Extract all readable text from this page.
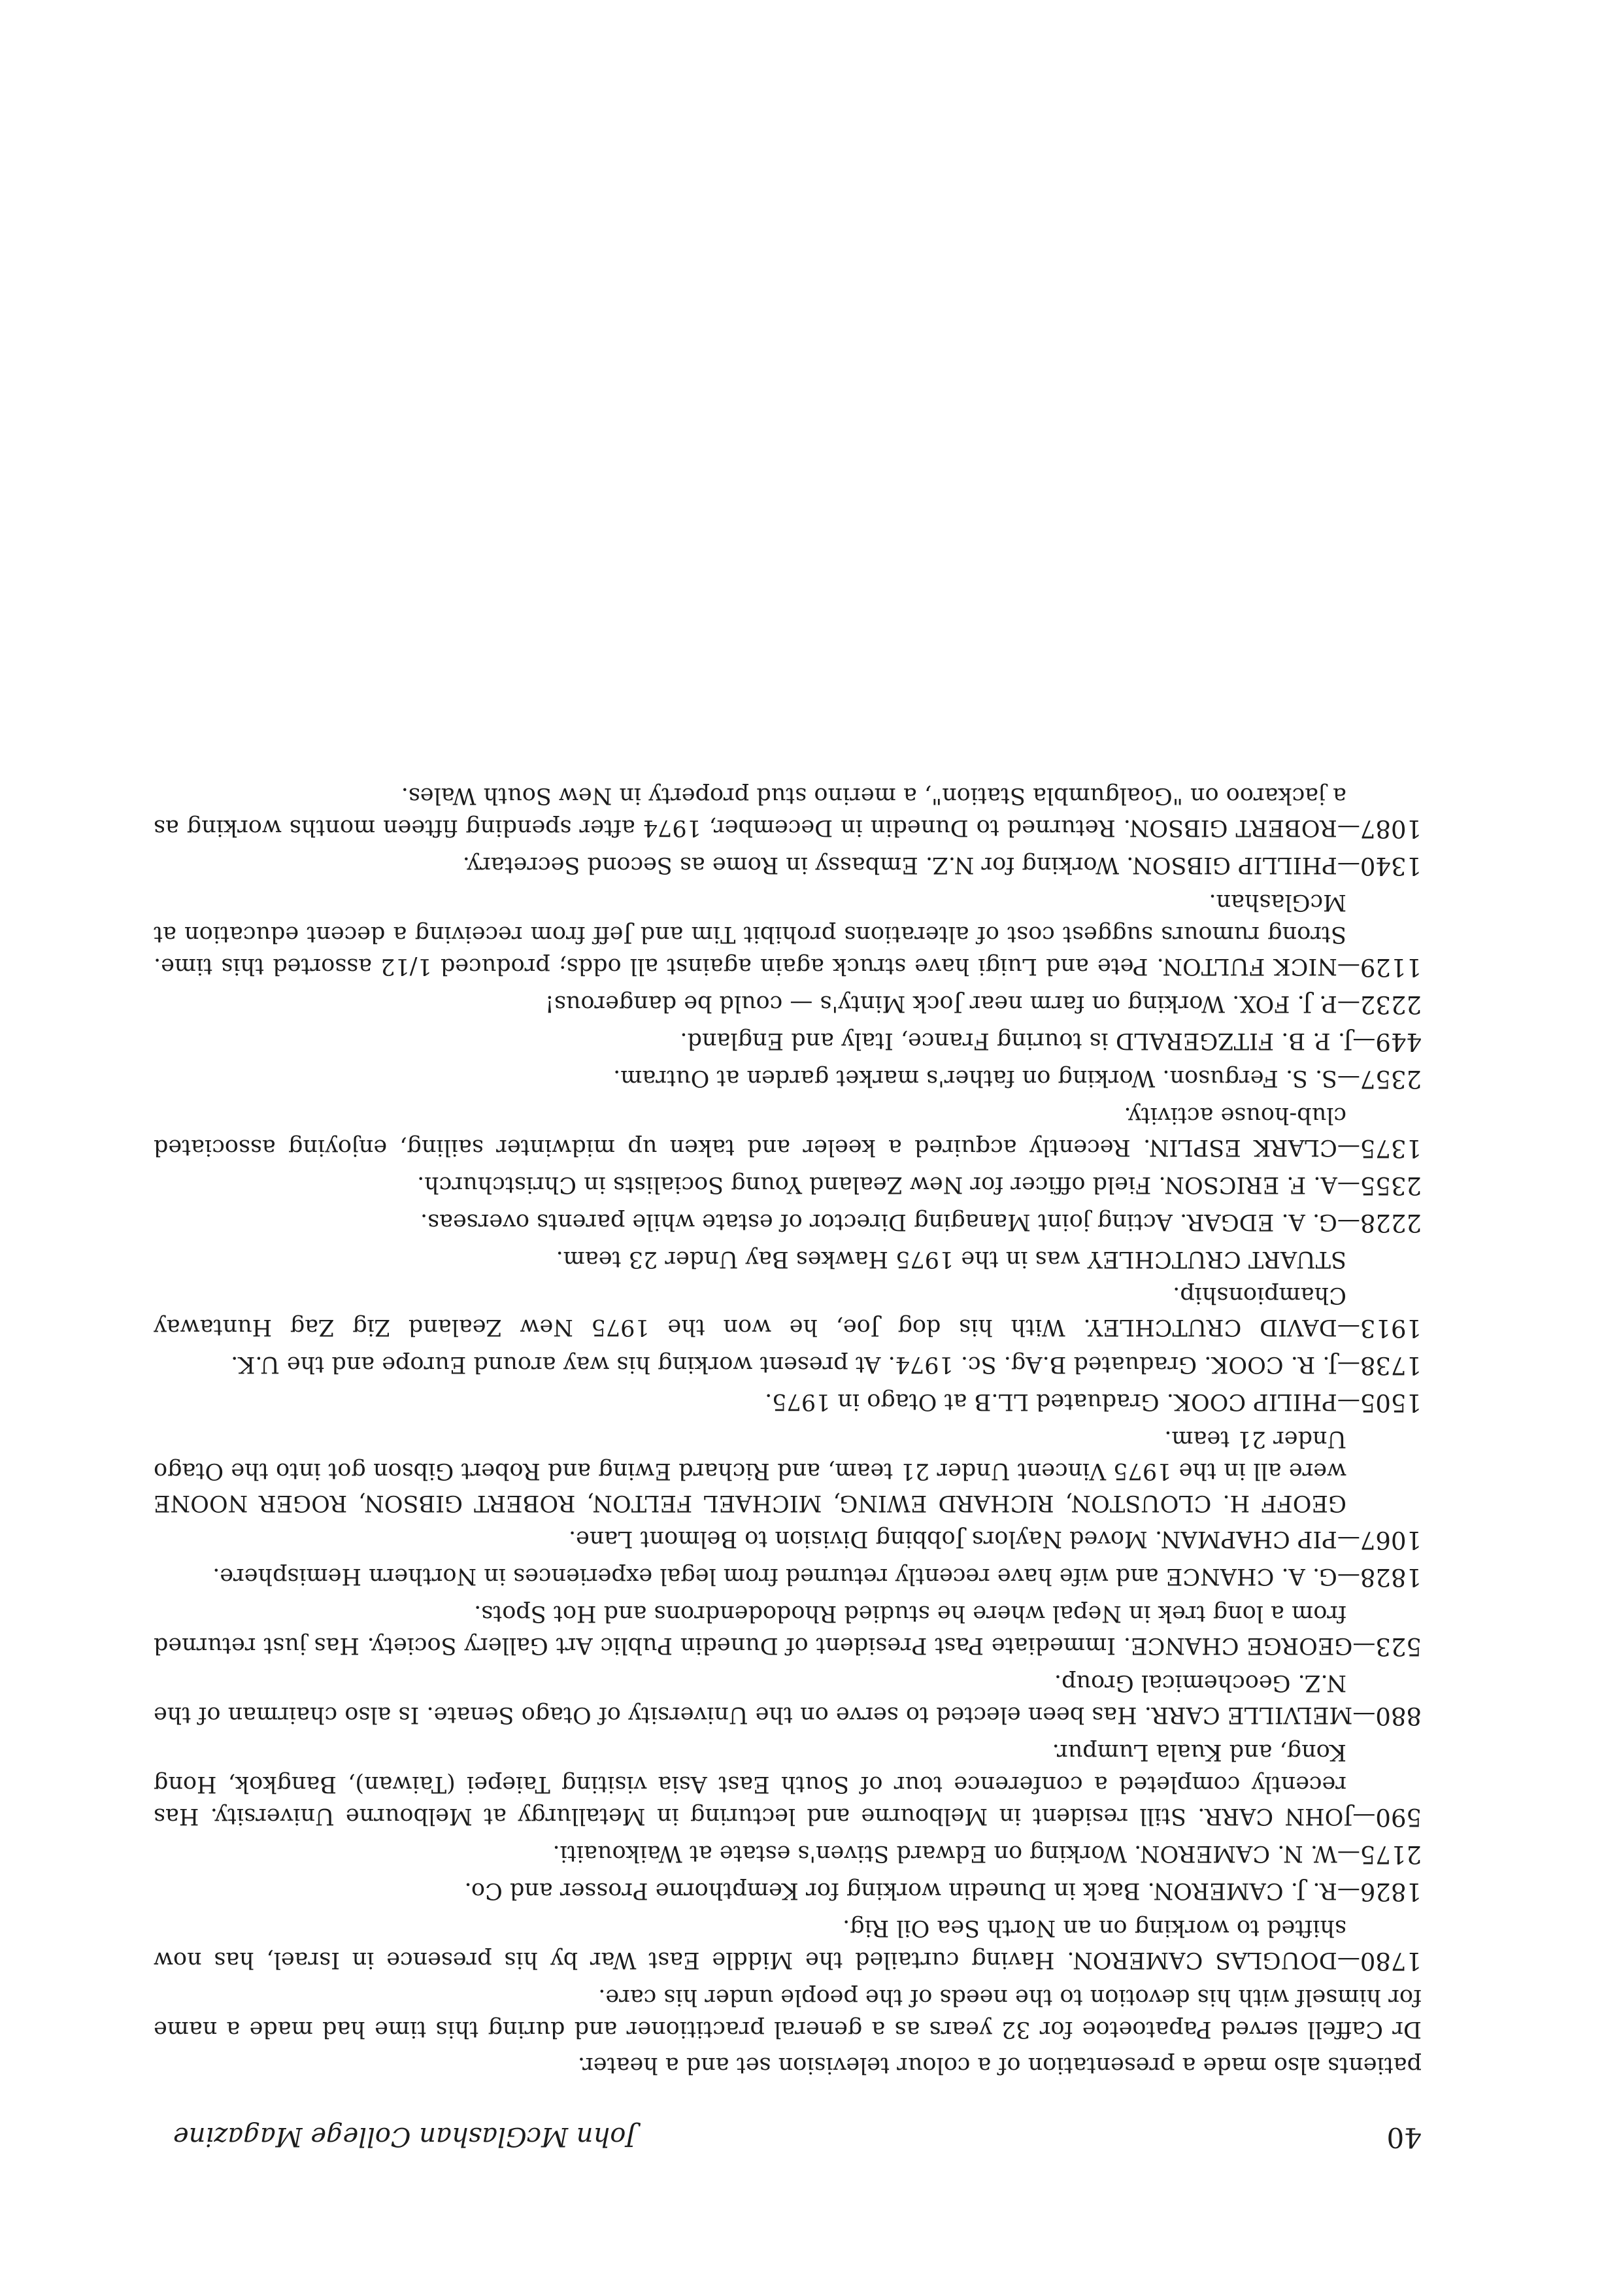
40
John McGlashan College Magazine

patients also made a presentation of a colour television set and a heater.

Dr Caffell served Papatoetoe for 32 years as a general practitioner and during this time had made a name for himself with his devotion to the needs of the people under his care.

1780—DOUGLAS CAMERON. Having curtailed the Middle East War by his presence in Israel, has now shifted to working on an North Sea Oil Rig.

1826—R. J. CAMERON. Back in Dunedin working for Kempthorne Prosser and Co.

2175—W. N. CAMERON. Working on Edward Stiven's estate at Waikouaiti.

590—JOHN CARR. Still resident in Melbourne and lecturing in Metallurgy at Melbourne University. Has recently completed a conference tour of South East Asia visiting Taiepei (Taiwan), Bangkok, Hong Kong, and Kuala Lumpur.

880—MELVILLE CARR. Has been elected to serve on the University of Otago Senate. Is also chairman of the N.Z. Geochemical Group.

523—GEORGE CHANCE. Immediate Past President of Dunedin Public Art Gallery Society. Has just returned from a long trek in Nepal where he studied Rhododendrons and Hot Spots.

1828—G. A. CHANCE and wife have recently returned from legal experiences in Northern Hemisphere.

1067—PIP CHAPMAN. Moved Naylors Jobbing Division to Belmont Lane.

GEOFF H. CLOUSTON, RICHARD EWING, MICHAEL FELTON, ROBERT GIBSON, ROGER NOONE were all in the 1975 Vincent Under 21 team, and Richard Ewing and Robert Gibson got into the Otago Under 21 team.

1505—PHILIP COOK. Graduated LL.B at Otago in 1975.

1738—J. R. COOK. Graduated B.Ag. Sc. 1974. At present working his way around Europe and the U.K.

1913—DAVID CRUTCHLEY. With his dog Joe, he won the 1975 New Zealand Zig Zag Huntaway Championship.

STUART CRUTCHLEY was in the 1975 Hawkes Bay Under 23 team.

2228—G. A. EDGAR. Acting joint Managing Director of estate while parents overseas.

2355—A. F. ERICSON. Field officer for New Zealand Young Socialists in Christchurch.

1375—CLARK ESPLIN. Recently acquired a keeler and taken up midwinter sailing, enjoying associated club-house activity.

2357—S. S. Ferguson. Working on father's market garden at Outram.

449—J. P. B. FITZGERALD is touring France, Italy and England.

2232—P. J. FOX. Working on farm near Jock Minty's — could be dangerous!

1129—NICK FULTON. Pete and Luigi have struck again against all odds; produced 1/12 assorted this time. Strong rumours suggest cost of alterations prohibit Tim and Jeff from receiving a decent education at McGlashan.

1340—PHILLIP GIBSON. Working for N.Z. Embassy in Rome as Second Secretary.

1087—ROBERT GIBSON. Returned to Dunedin in December, 1974 after spending fifteen months working as a jackaroo on "Goalgumbla Station", a merino stud property in New South Wales.
